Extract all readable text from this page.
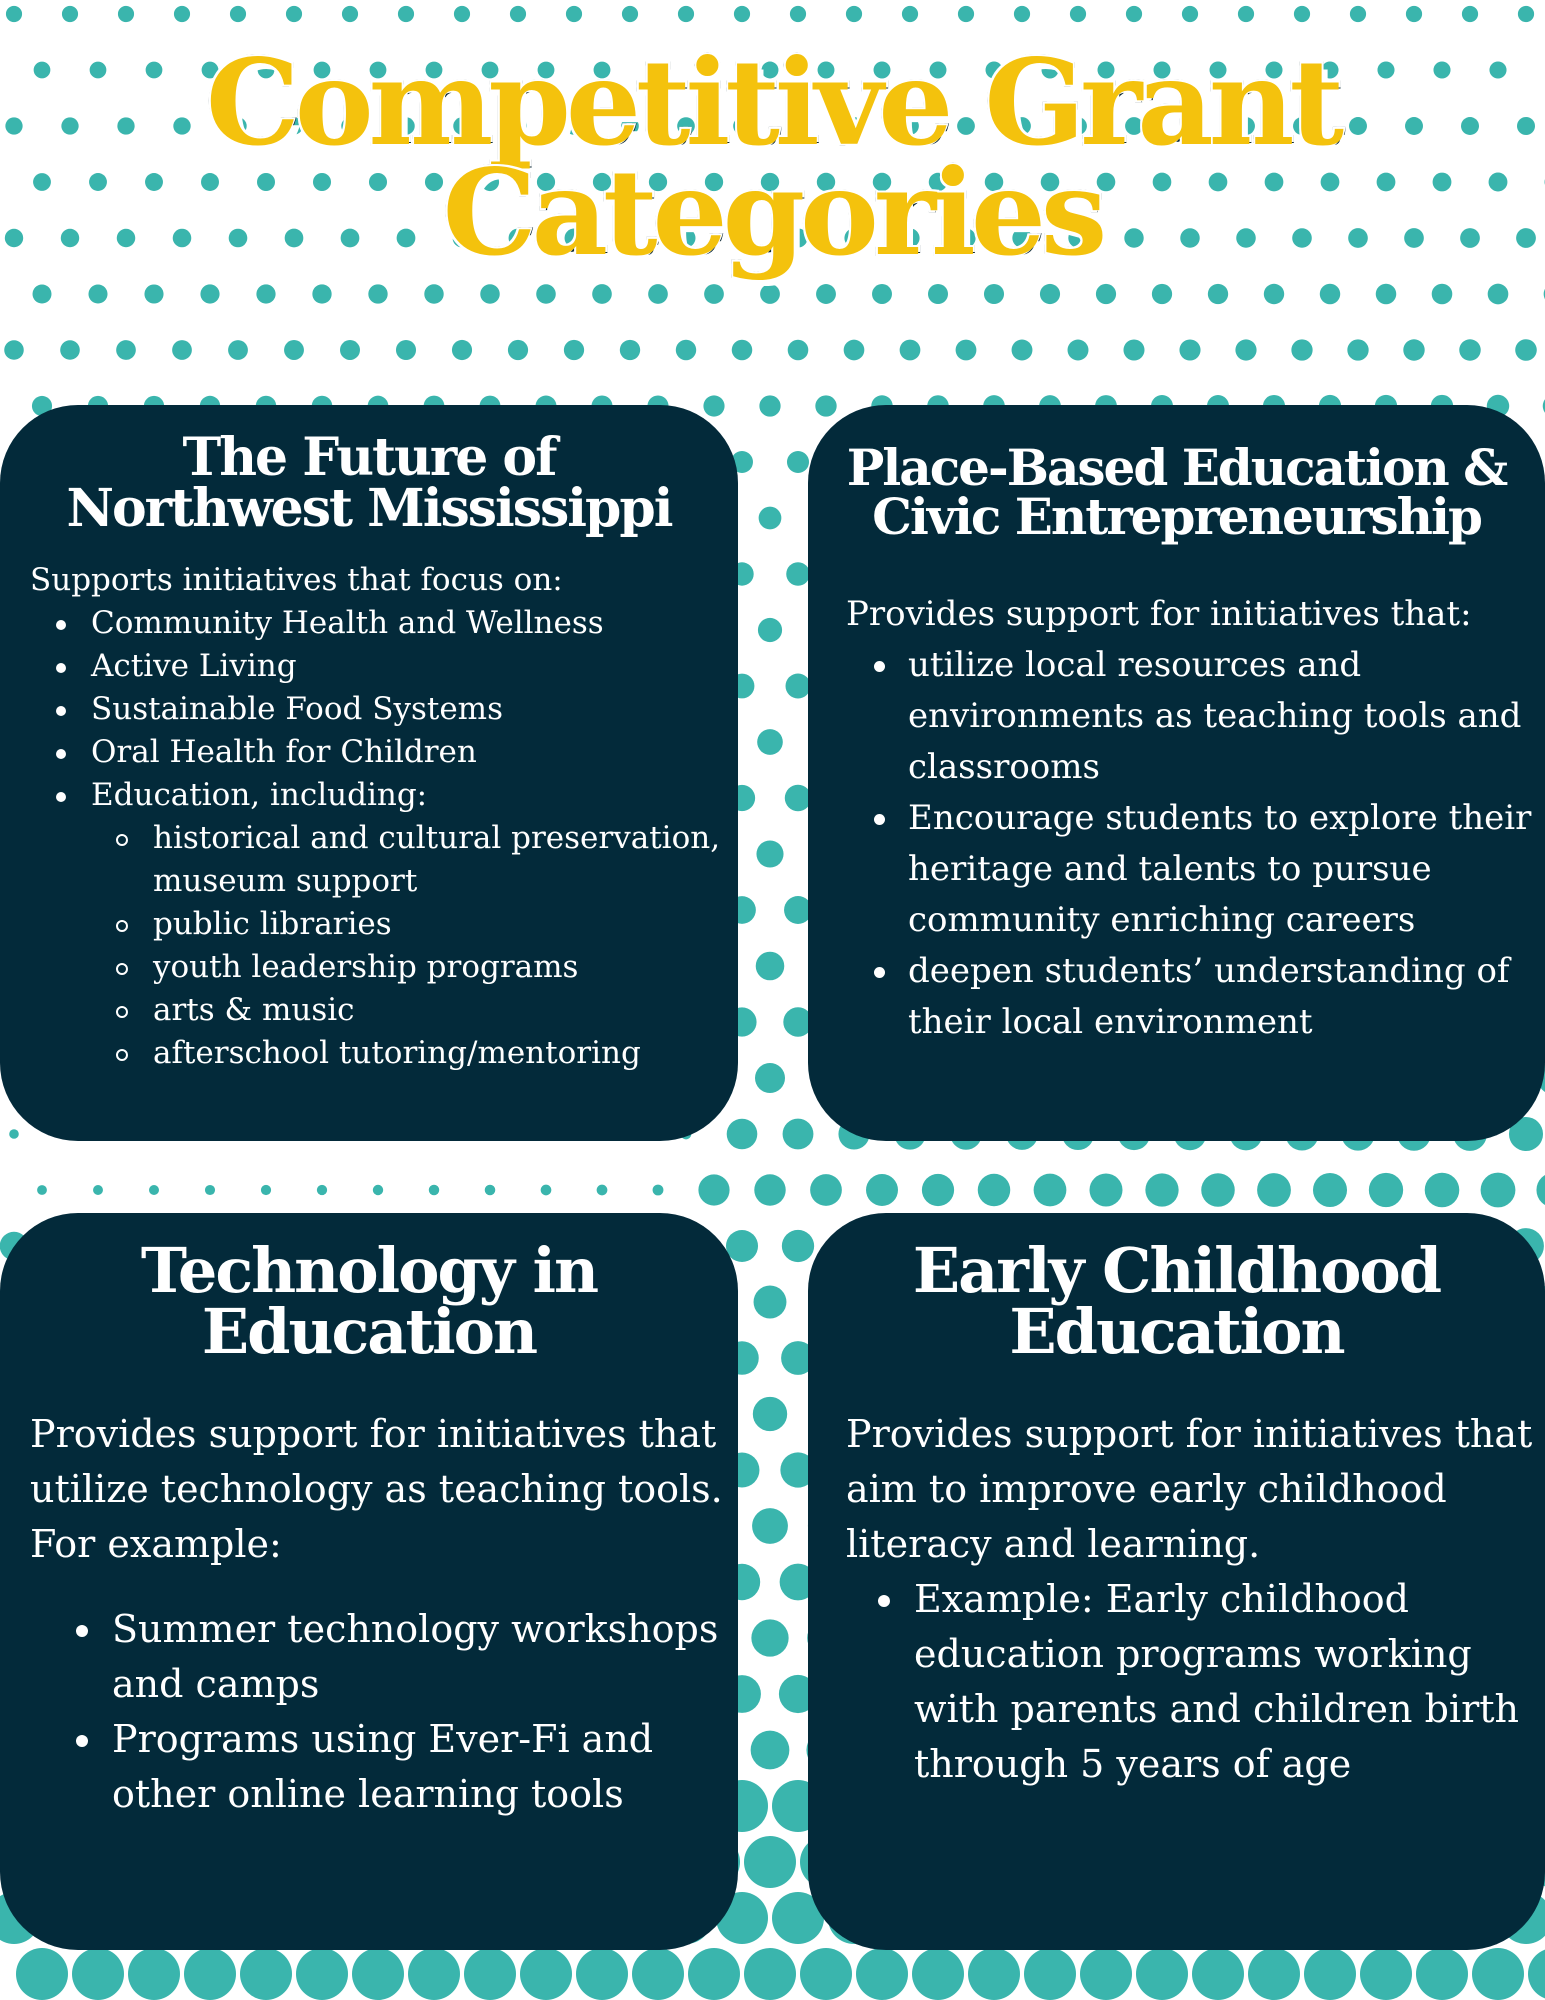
Competitive Grant
Categories
The Future of
Northwest Mississippi

Supports initiatives that focus on:

Community Health and Wellness
Active Living
Sustainable Food Systems
Oral Health for Children
Education, including:
historical and cultural preservation, museum support
public libraries
youth leadership programs
arts & music
afterschool tutoring/mentoring
Place-Based Education &
Civic Entrepreneurship

Provides support for initiatives that:

utilize local resources and environments as teaching tools and classrooms
Encourage students to explore their heritage and talents to pursue community enriching careers
deepen students’ understanding of their local environment
Technology in
Education

Provides support for initiatives that utilize technology as teaching tools. For example:

Summer technology workshops and camps
Programs using Ever-Fi and other online learning tools
Early Childhood
Education

Provides support for initiatives that aim to improve early childhood literacy and learning.

Example: Early childhood education programs working with parents and children birth through 5 years of age
